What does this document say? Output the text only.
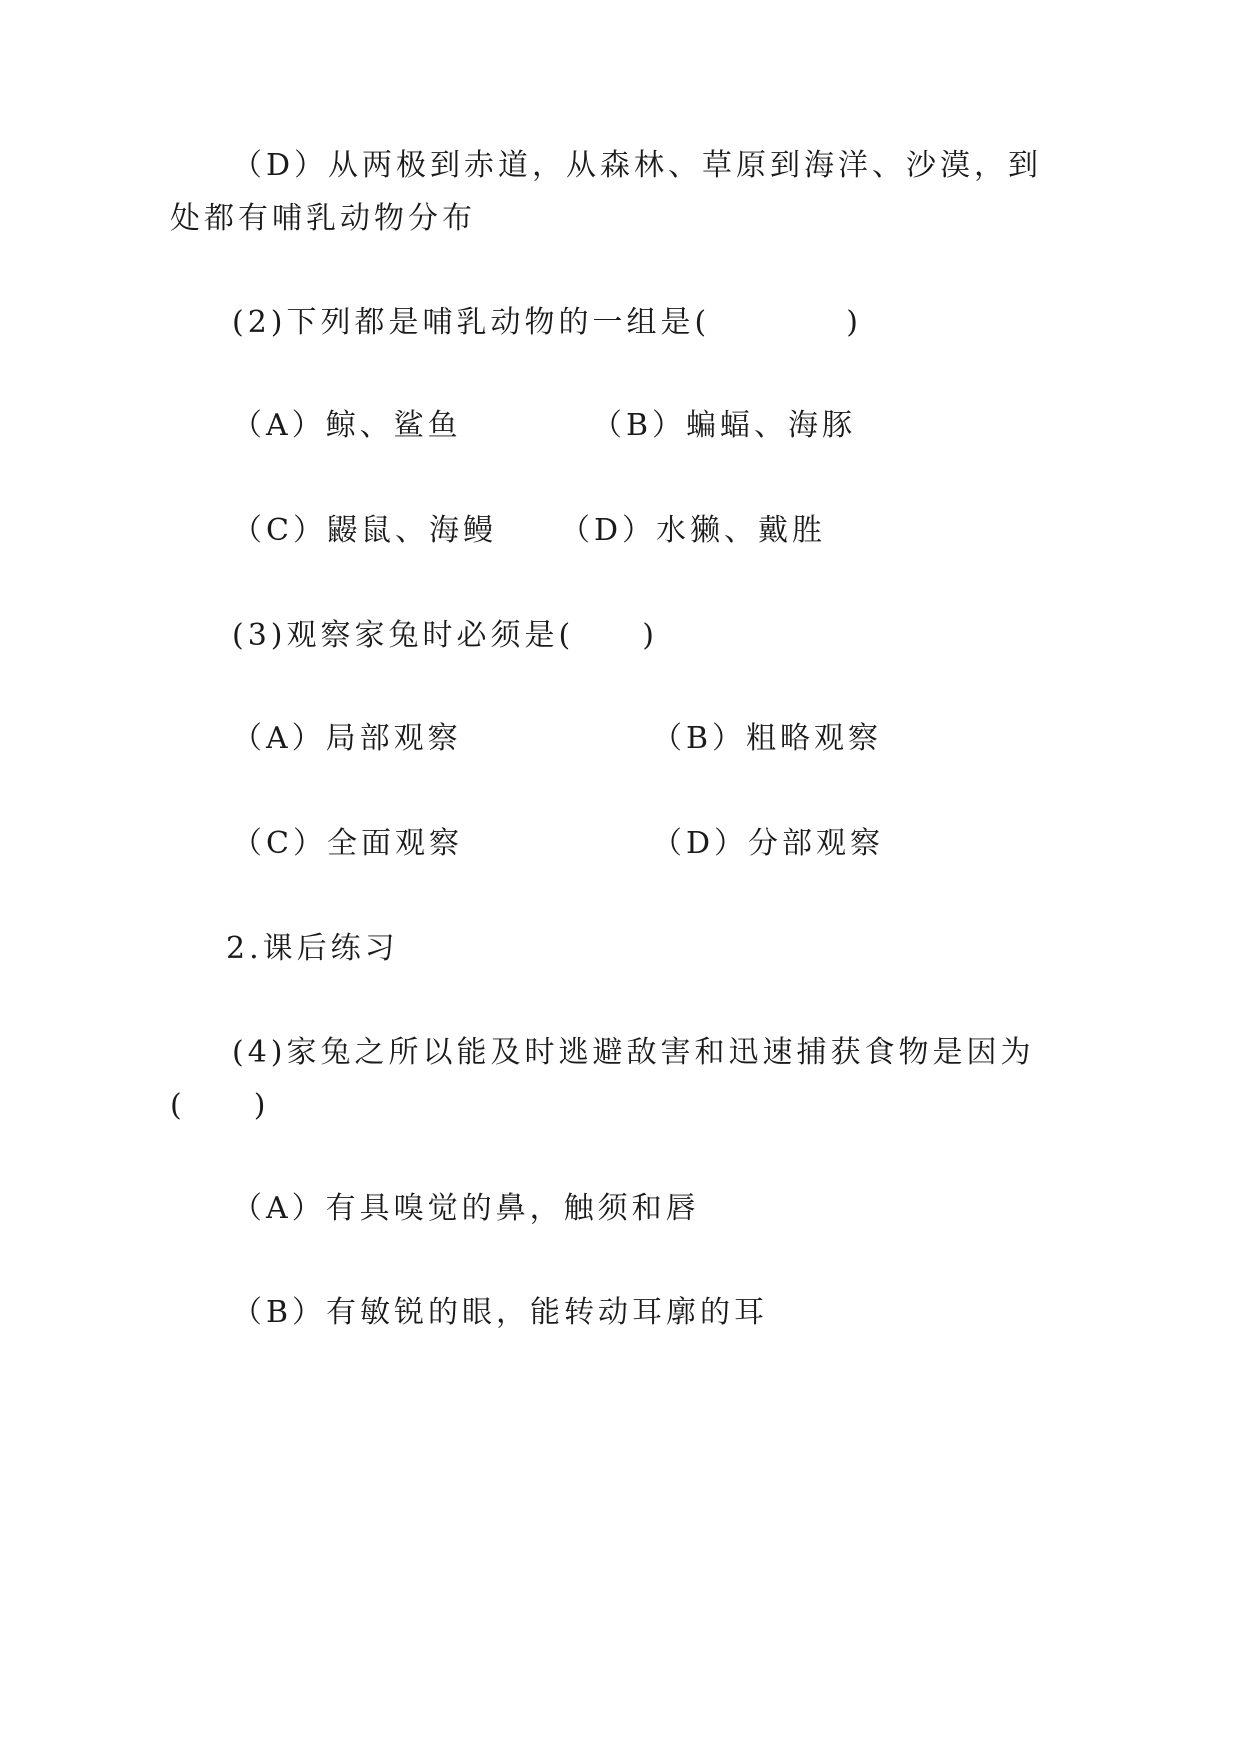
（D）从两极到赤道，从森林、草原到海洋、沙漠，到
处都有哺乳动物分布
(2)下列都是哺乳动物的一组是(　　　　)
（A）鲸、鲨鱼	（B）蝙蝠、海豚
（C）鼹鼠、海鳗 （D）水獭、戴胜
(3)观察家兔时必须是(　　)
（A）局部观察	（B）粗略观察
（C）全面观察	（D）分部观察
2.课后练习
(4)家兔之所以能及时逃避敌害和迅速捕获食物是因为
(　　)
（A）有具嗅觉的鼻，触须和唇
（B）有敏锐的眼，能转动耳廓的耳
